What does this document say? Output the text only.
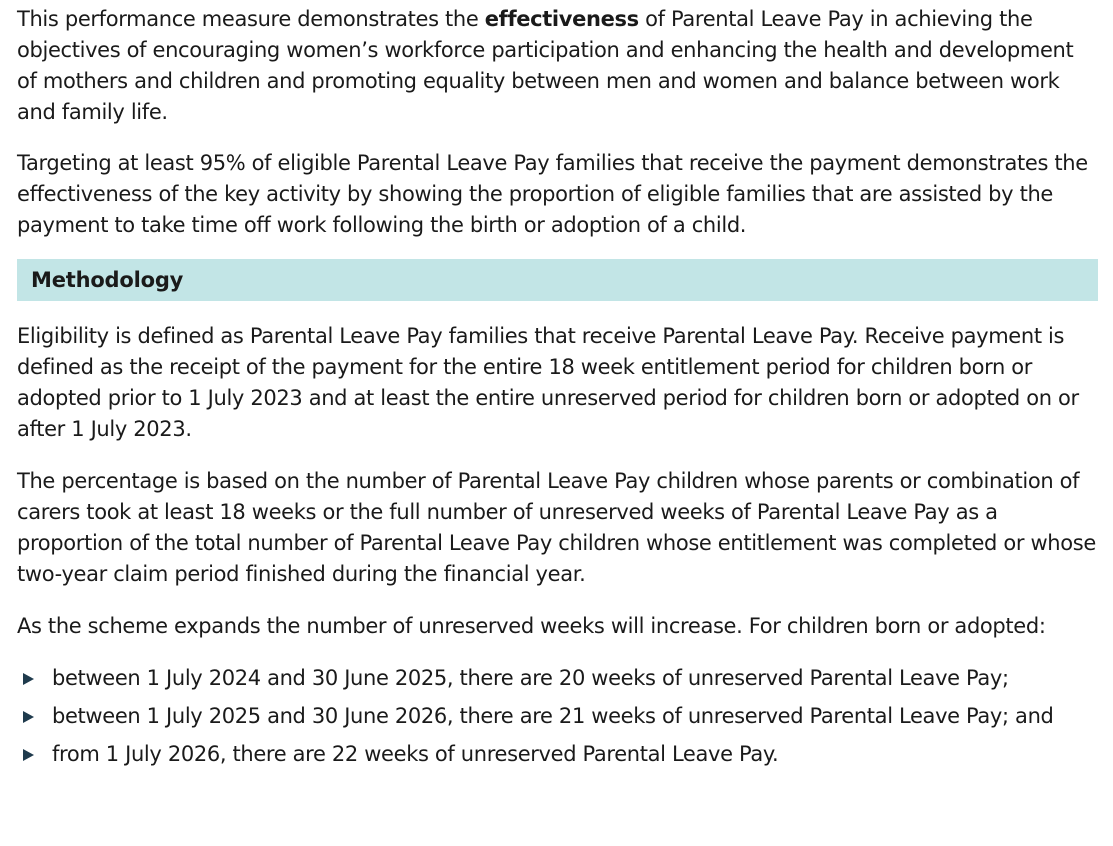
This performance measure demonstrates the effectiveness of Parental Leave Pay in achieving the objectives of encouraging women’s workforce participation and enhancing the health and development of mothers and children and promoting equality between men and women and balance between work and family life.

Targeting at least 95% of eligible Parental Leave Pay families that receive the payment demonstrates the effectiveness of the key activity by showing the proportion of eligible families that are assisted by the payment to take time off work following the birth or adoption of a child.

Methodology

Eligibility is defined as Parental Leave Pay families that receive Parental Leave Pay. Receive payment is defined as the receipt of the payment for the entire 18 week entitlement period for children born or adopted prior to 1 July 2023 and at least the entire unreserved period for children born or adopted on or after 1 July 2023.

The percentage is based on the number of Parental Leave Pay children whose parents or combination of carers took at least 18 weeks or the full number of unreserved weeks of Parental Leave Pay as a proportion of the total number of Parental Leave Pay children whose entitlement was completed or whose two-year claim period finished during the financial year.

As the scheme expands the number of unreserved weeks will increase. For children born or adopted:

between 1 July 2024 and 30 June 2025, there are 20 weeks of unreserved Parental Leave Pay;
between 1 July 2025 and 30 June 2026, there are 21 weeks of unreserved Parental Leave Pay; and
from 1 July 2026, there are 22 weeks of unreserved Parental Leave Pay.
